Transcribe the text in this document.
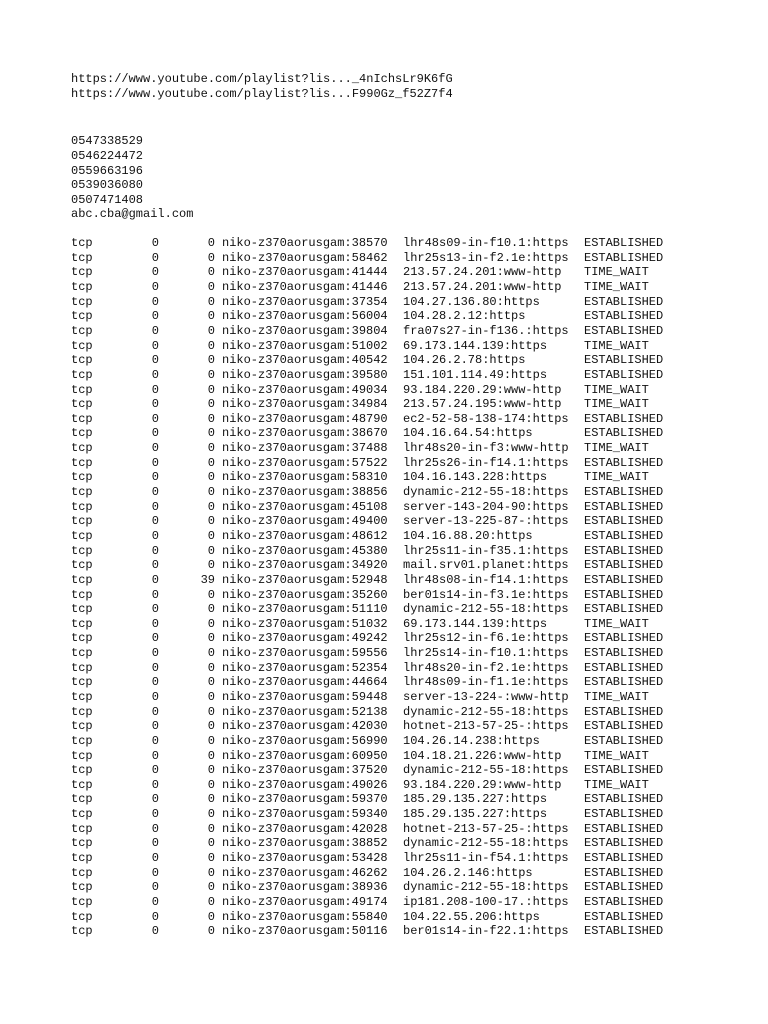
https://www.youtube.com/playlist?lis..._4nIchsLr9K6fG
https://www.youtube.com/playlist?lis...F990Gz_f52Z7f4
0547338529
0546224472
0559663196
0539036080
0507471408
abc.cba@gmail.com
tcp	0	0 niko-z370aorusgam:38570 lhr48s09-in-f10.1:https ESTABLISHED
tcp	0	0 niko-z370aorusgam:58462 lhr25s13-in-f2.1e:https ESTABLISHED
tcp	0	0 niko-z370aorusgam:41444 213.57.24.201:www-http TIME_WAIT
tcp	0	0 niko-z370aorusgam:41446 213.57.24.201:www-http TIME_WAIT
tcp	0	0 niko-z370aorusgam:37354 104.27.136.80:https	ESTABLISHED
tcp	0	0 niko-z370aorusgam:56004 104.28.2.12:https	ESTABLISHED
tcp	0	0 niko-z370aorusgam:39804 fra07s27-in-f136.:https ESTABLISHED
tcp	0	0 niko-z370aorusgam:51002 69.173.144.139:https	TIME_WAIT
tcp	0	0 niko-z370aorusgam:40542 104.26.2.78:https	ESTABLISHED
tcp	0	0 niko-z370aorusgam:39580 151.101.114.49:https	ESTABLISHED
tcp	0	0 niko-z370aorusgam:49034 93.184.220.29:www-http TIME_WAIT
tcp	0	0 niko-z370aorusgam:34984 213.57.24.195:www-http TIME_WAIT
tcp	0	0 niko-z370aorusgam:48790 ec2-52-58-138-174:https ESTABLISHED
tcp	0	0 niko-z370aorusgam:38670 104.16.64.54:https	ESTABLISHED
tcp	0	0 niko-z370aorusgam:37488 lhr48s20-in-f3:www-http TIME_WAIT
tcp	0	0 niko-z370aorusgam:57522 lhr25s26-in-f14.1:https ESTABLISHED
tcp	0	0 niko-z370aorusgam:58310 104.16.143.228:https	TIME_WAIT
tcp	0	0 niko-z370aorusgam:38856 dynamic-212-55-18:https ESTABLISHED
tcp	0	0 niko-z370aorusgam:45108 server-143-204-90:https ESTABLISHED
tcp	0	0 niko-z370aorusgam:49400 server-13-225-87-:https ESTABLISHED
tcp	0	0 niko-z370aorusgam:48612 104.16.88.20:https	ESTABLISHED
tcp	0	0 niko-z370aorusgam:45380 lhr25s11-in-f35.1:https ESTABLISHED
tcp	0	0 niko-z370aorusgam:34920 mail.srv01.planet:https ESTABLISHED
tcp	0	39 niko-z370aorusgam:52948 lhr48s08-in-f14.1:https ESTABLISHED
tcp	0	0 niko-z370aorusgam:35260 ber01s14-in-f3.1e:https ESTABLISHED
tcp	0	0 niko-z370aorusgam:51110 dynamic-212-55-18:https ESTABLISHED
tcp	0	0 niko-z370aorusgam:51032 69.173.144.139:https	TIME_WAIT
tcp	0	0 niko-z370aorusgam:49242 lhr25s12-in-f6.1e:https ESTABLISHED
tcp	0	0 niko-z370aorusgam:59556 lhr25s14-in-f10.1:https ESTABLISHED
tcp	0	0 niko-z370aorusgam:52354 lhr48s20-in-f2.1e:https ESTABLISHED
tcp	0	0 niko-z370aorusgam:44664 lhr48s09-in-f1.1e:https ESTABLISHED
tcp	0	0 niko-z370aorusgam:59448 server-13-224-:www-http TIME_WAIT
tcp	0	0 niko-z370aorusgam:52138 dynamic-212-55-18:https ESTABLISHED
tcp	0	0 niko-z370aorusgam:42030 hotnet-213-57-25-:https ESTABLISHED
tcp	0	0 niko-z370aorusgam:56990 104.26.14.238:https	ESTABLISHED
tcp	0	0 niko-z370aorusgam:60950 104.18.21.226:www-http TIME_WAIT
tcp	0	0 niko-z370aorusgam:37520 dynamic-212-55-18:https ESTABLISHED
tcp	0	0 niko-z370aorusgam:49026 93.184.220.29:www-http TIME_WAIT
tcp	0	0 niko-z370aorusgam:59370 185.29.135.227:https	ESTABLISHED
tcp	0	0 niko-z370aorusgam:59340 185.29.135.227:https	ESTABLISHED
tcp	0	0 niko-z370aorusgam:42028 hotnet-213-57-25-:https ESTABLISHED
tcp	0	0 niko-z370aorusgam:38852 dynamic-212-55-18:https ESTABLISHED
tcp	0	0 niko-z370aorusgam:53428 lhr25s11-in-f54.1:https ESTABLISHED
tcp	0	0 niko-z370aorusgam:46262 104.26.2.146:https	ESTABLISHED
tcp	0	0 niko-z370aorusgam:38936 dynamic-212-55-18:https ESTABLISHED
tcp	0	0 niko-z370aorusgam:49174 ip181.208-100-17.:https ESTABLISHED
tcp	0	0 niko-z370aorusgam:55840 104.22.55.206:https	ESTABLISHED
tcp	0	0 niko-z370aorusgam:50116 ber01s14-in-f22.1:https ESTABLISHED
